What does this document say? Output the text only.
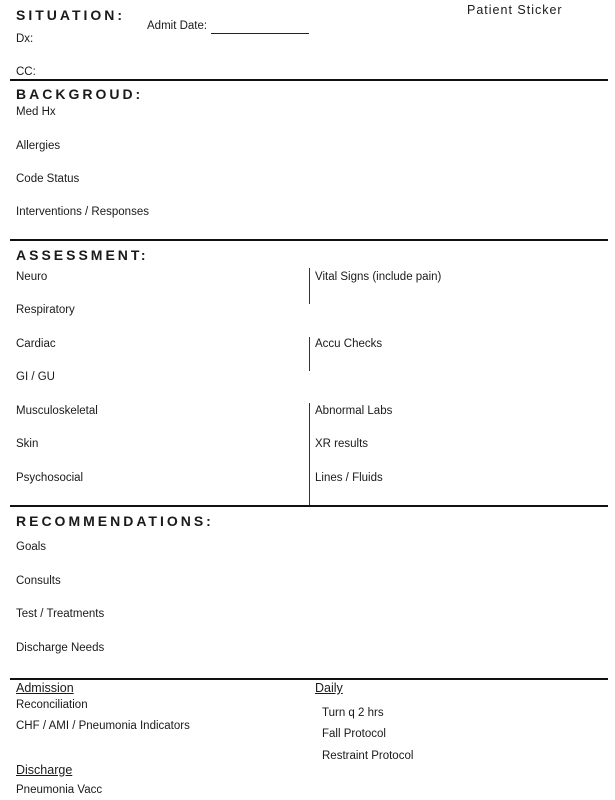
Patient Sticker
SITUATION:
Admit Date:
Dx:
CC:
BACKGROUD:
Med Hx
Allergies
Code Status
Interventions / Responses
ASSESSMENT:
Neuro
Respiratory
Cardiac
GI / GU
Musculoskeletal
Skin
Psychosocial
Vital Signs (include pain)
Accu Checks
Abnormal Labs
XR results
Lines / Fluids
RECOMMENDATIONS:
Goals
Consults
Test / Treatments
Discharge Needs
Admission
Reconciliation
CHF / AMI / Pneumonia Indicators
Discharge
Pneumonia Vacc
Daily
Turn q 2 hrs
Fall Protocol
Restraint Protocol
